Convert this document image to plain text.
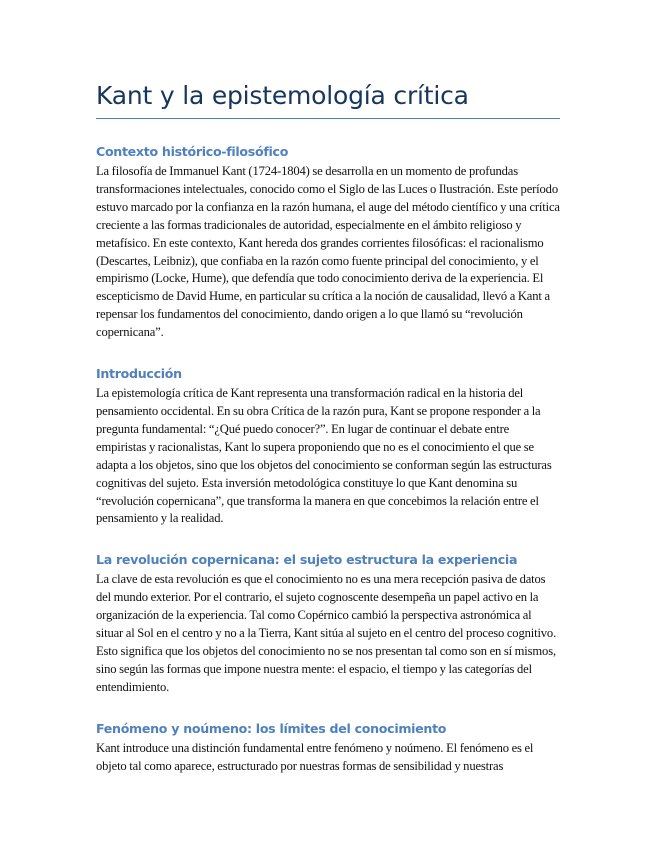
Kant y la epistemología crítica
Contexto histórico-filosófico

La filosofía de Immanuel Kant (1724-1804) se desarrolla en un momento de profundas transformaciones intelectuales, conocido como el Siglo de las Luces o Ilustración. Este período estuvo marcado por la confianza en la razón humana, el auge del método científico y una crítica creciente a las formas tradicionales de autoridad, especialmente en el ámbito religioso y metafísico. En este contexto, Kant hereda dos grandes corrientes filosóficas: el racionalismo (Descartes, Leibniz), que confiaba en la razón como fuente principal del conocimiento, y el empirismo (Locke, Hume), que defendía que todo conocimiento deriva de la experiencia. El escepticismo de David Hume, en particular su crítica a la noción de causalidad, llevó a Kant a repensar los fundamentos del conocimiento, dando origen a lo que llamó su “revolución copernicana”.

Introducción

La epistemología crítica de Kant representa una transformación radical en la historia del pensamiento occidental. En su obra Crítica de la razón pura, Kant se propone responder a la pregunta fundamental: “¿Qué puedo conocer?”. En lugar de continuar el debate entre empiristas y racionalistas, Kant lo supera proponiendo que no es el conocimiento el que se adapta a los objetos, sino que los objetos del conocimiento se conforman según las estructuras cognitivas del sujeto. Esta inversión metodológica constituye lo que Kant denomina su “revolución copernicana”, que transforma la manera en que concebimos la relación entre el pensamiento y la realidad.

La revolución copernicana: el sujeto estructura la experiencia

La clave de esta revolución es que el conocimiento no es una mera recepción pasiva de datos del mundo exterior. Por el contrario, el sujeto cognoscente desempeña un papel activo en la organización de la experiencia. Tal como Copérnico cambió la perspectiva astronómica al situar al Sol en el centro y no a la Tierra, Kant sitúa al sujeto en el centro del proceso cognitivo. Esto significa que los objetos del conocimiento no se nos presentan tal como son en sí mismos, sino según las formas que impone nuestra mente: el espacio, el tiempo y las categorías del entendimiento.

Fenómeno y noúmeno: los límites del conocimiento

Kant introduce una distinción fundamental entre fenómeno y noúmeno. El fenómeno es el objeto tal como aparece, estructurado por nuestras formas de sensibilidad y nuestras
